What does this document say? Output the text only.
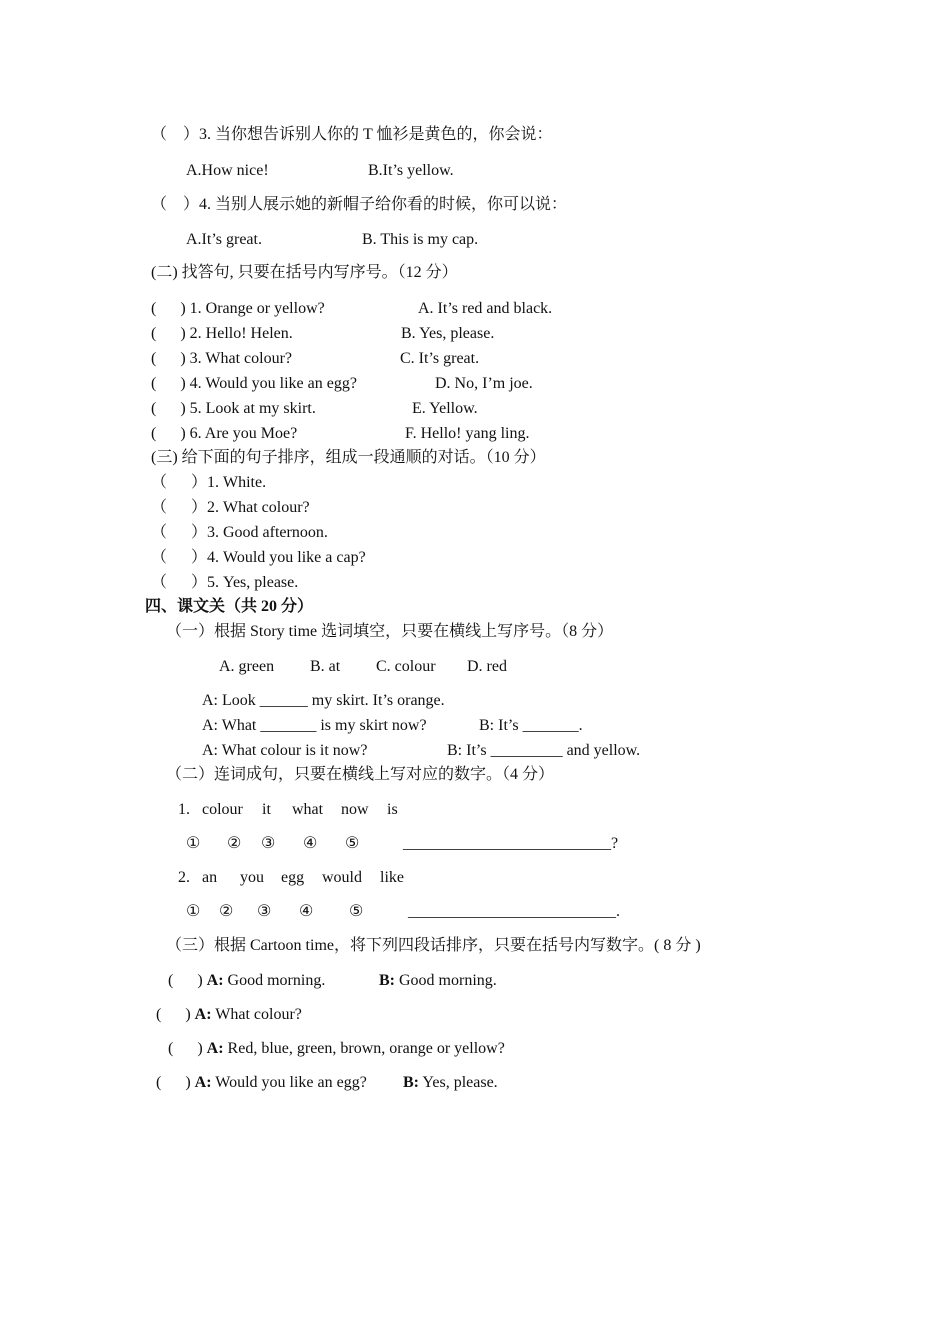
（    ）3. 当你想告诉别人你的 T 恤衫是黄色的，你会说：
A.How nice!	B.It’s yellow.
（    ）4. 当别人展示她的新帽子给你看的时候，你可以说：
A.It’s great.	B. This is my cap.
(二) 找答句, 只要在括号内写序号。（12 分）
(      ) 1. Orange or yellow?	A. It’s red and black.
(      ) 2. Hello! Helen.	B. Yes, please.
(      ) 3. What colour?	C. It’s great.
(      ) 4. Would you like an egg?	D. No, I’m joe.
(      ) 5. Look at my skirt.	E. Yellow.
(      ) 6. Are you Moe?	F. Hello! yang ling.
(三) 给下面的句子排序，组成一段通顺的对话。（10 分）
（      ）1. White.
（      ）2. What colour?
（      ）3. Good afternoon.
（      ）4. Would you like a cap?
（      ）5. Yes, please.
四、课文关（共 20 分）
（一）根据 Story time 选词填空，只要在横线上写序号。（8 分）
A. green B. at C. colour D. red
A: Look ______ my skirt. It’s orange.
A: What _______ is my skirt now?	B: It’s _______.
A: What colour is it now?	B: It’s _________ and yellow.
（二）连词成句，只要在横线上写对应的数字。（4 分）
1. colour it what now is
① ② ③ ④ ⑤	__________________________?
2. an you egg would like
① ② ③ ④ ⑤	__________________________.
（三）根据 Cartoon time，将下列四段话排序，只要在括号内写数字。( 8 分 )
(      ) A: Good morning.	B: Good morning.
(      ) A: What colour?
(      ) A: Red, blue, green, brown, orange or yellow?
(      ) A: Would you like an egg? B: Yes, please.
